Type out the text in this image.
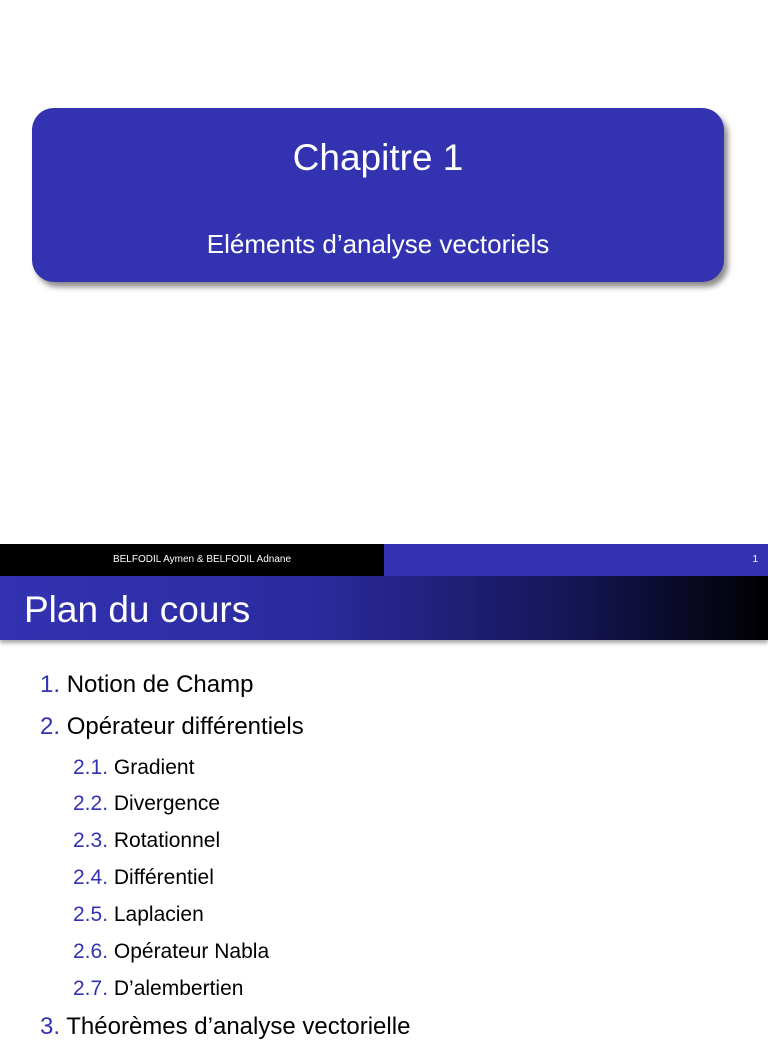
Chapitre 1
Eléments d’analyse vectoriels
BELFODIL Aymen & BELFODIL Adnane	1
Plan du cours
1. Notion de Champ
2. Opérateur différentiels
2.1. Gradient
2.2. Divergence
2.3. Rotationnel
2.4. Différentiel
2.5. Laplacien
2.6. Opérateur Nabla
2.7. D’alembertien
3. Théorèmes d’analyse vectorielle
